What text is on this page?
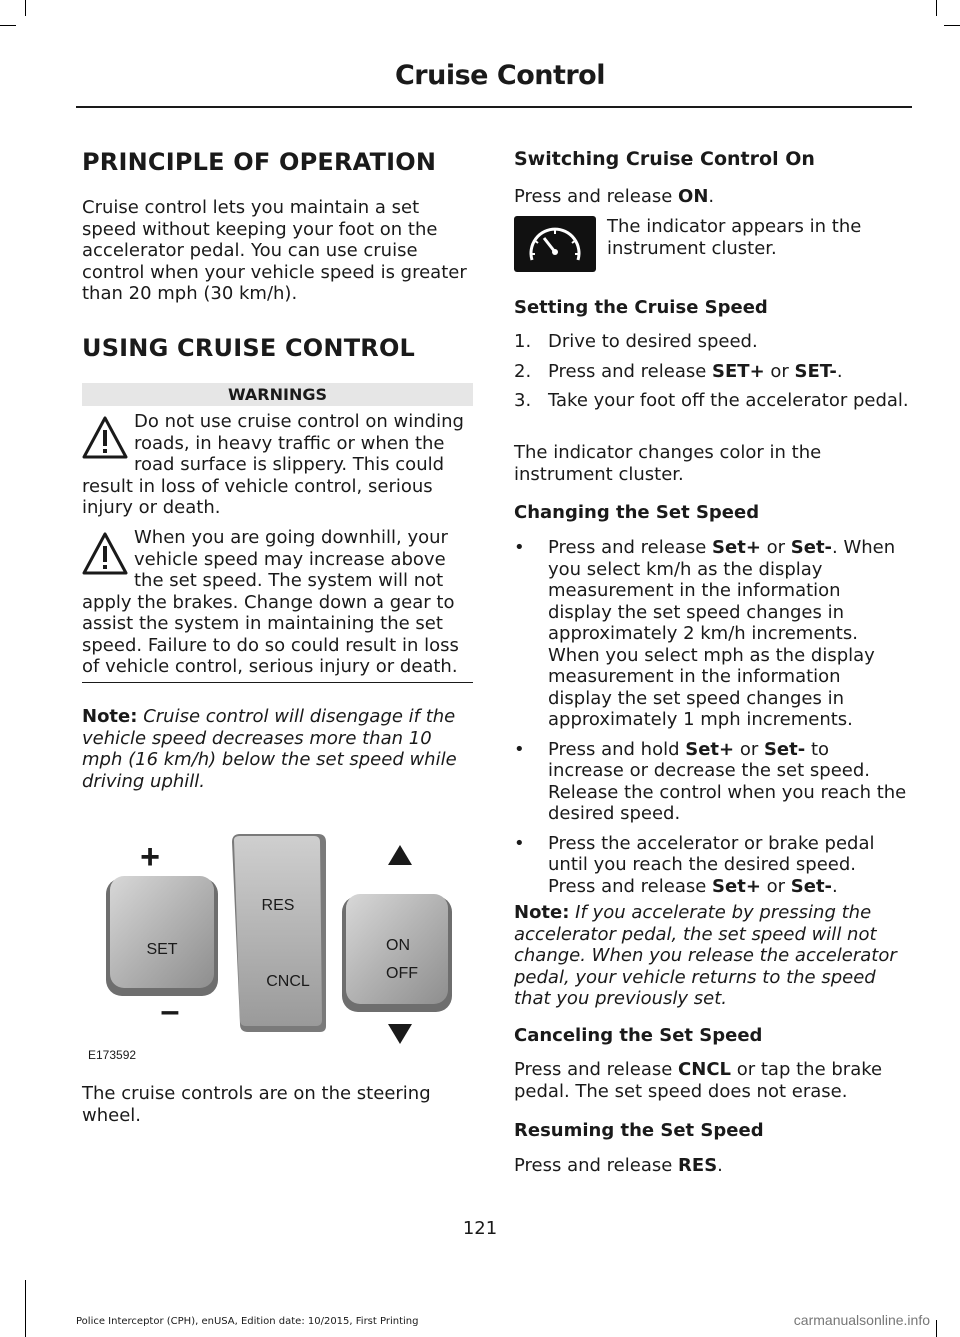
Cruise Control
PRINCIPLE OF OPERATION

Cruise control lets you maintain a set speed without keeping your foot on the accelerator pedal. You can use cruise control when your vehicle speed is greater than 20 mph (30 km/h).

USING CRUISE CONTROL
WARNINGS
Do not use cruise control on winding roads, in heavy traffic or when the road surface is slippery. This could result in loss of vehicle control, serious injury or death.
When you are going downhill, your vehicle speed may increase above the set speed. The system will not apply the brakes. Change down a gear to assist the system in maintaining the set speed. Failure to do so could result in loss of vehicle control, serious injury or death.

Note: Cruise control will disengage if the vehicle speed decreases more than 10 mph (16 km/h) below the set speed while driving uphill.

+
–
SET
RES
CNCL
ON
OFF
E173592

The cruise controls are on the steering wheel.

Switching Cruise Control On

Press and release ON.

The indicator appears in the instrument cluster.

Setting the Cruise Speed
1. Drive to desired speed.
2. Press and release SET+ or SET-.
3. Take your foot off the accelerator pedal.

The indicator changes color in the instrument cluster.

Changing the Set Speed
• Press and release Set+ or Set-. When you select km/h as the display measurement in the information display the set speed changes in approximately 2 km/h increments. When you select mph as the display measurement in the information display the set speed changes in approximately 1 mph increments.
• Press and hold Set+ or Set- to increase or decrease the set speed. Release the control when you reach the desired speed.
• Press the accelerator or brake pedal until you reach the desired speed. Press and release Set+ or Set-.

Note: If you accelerate by pressing the accelerator pedal, the set speed will not change. When you release the accelerator pedal, your vehicle returns to the speed that you previously set.

Canceling the Set Speed

Press and release CNCL or tap the brake pedal. The set speed does not erase.

Resuming the Set Speed

Press and release RES.

121
Police Interceptor (CPH), enUSA, Edition date: 10/2015, First Printing	carmanualsonline.info
